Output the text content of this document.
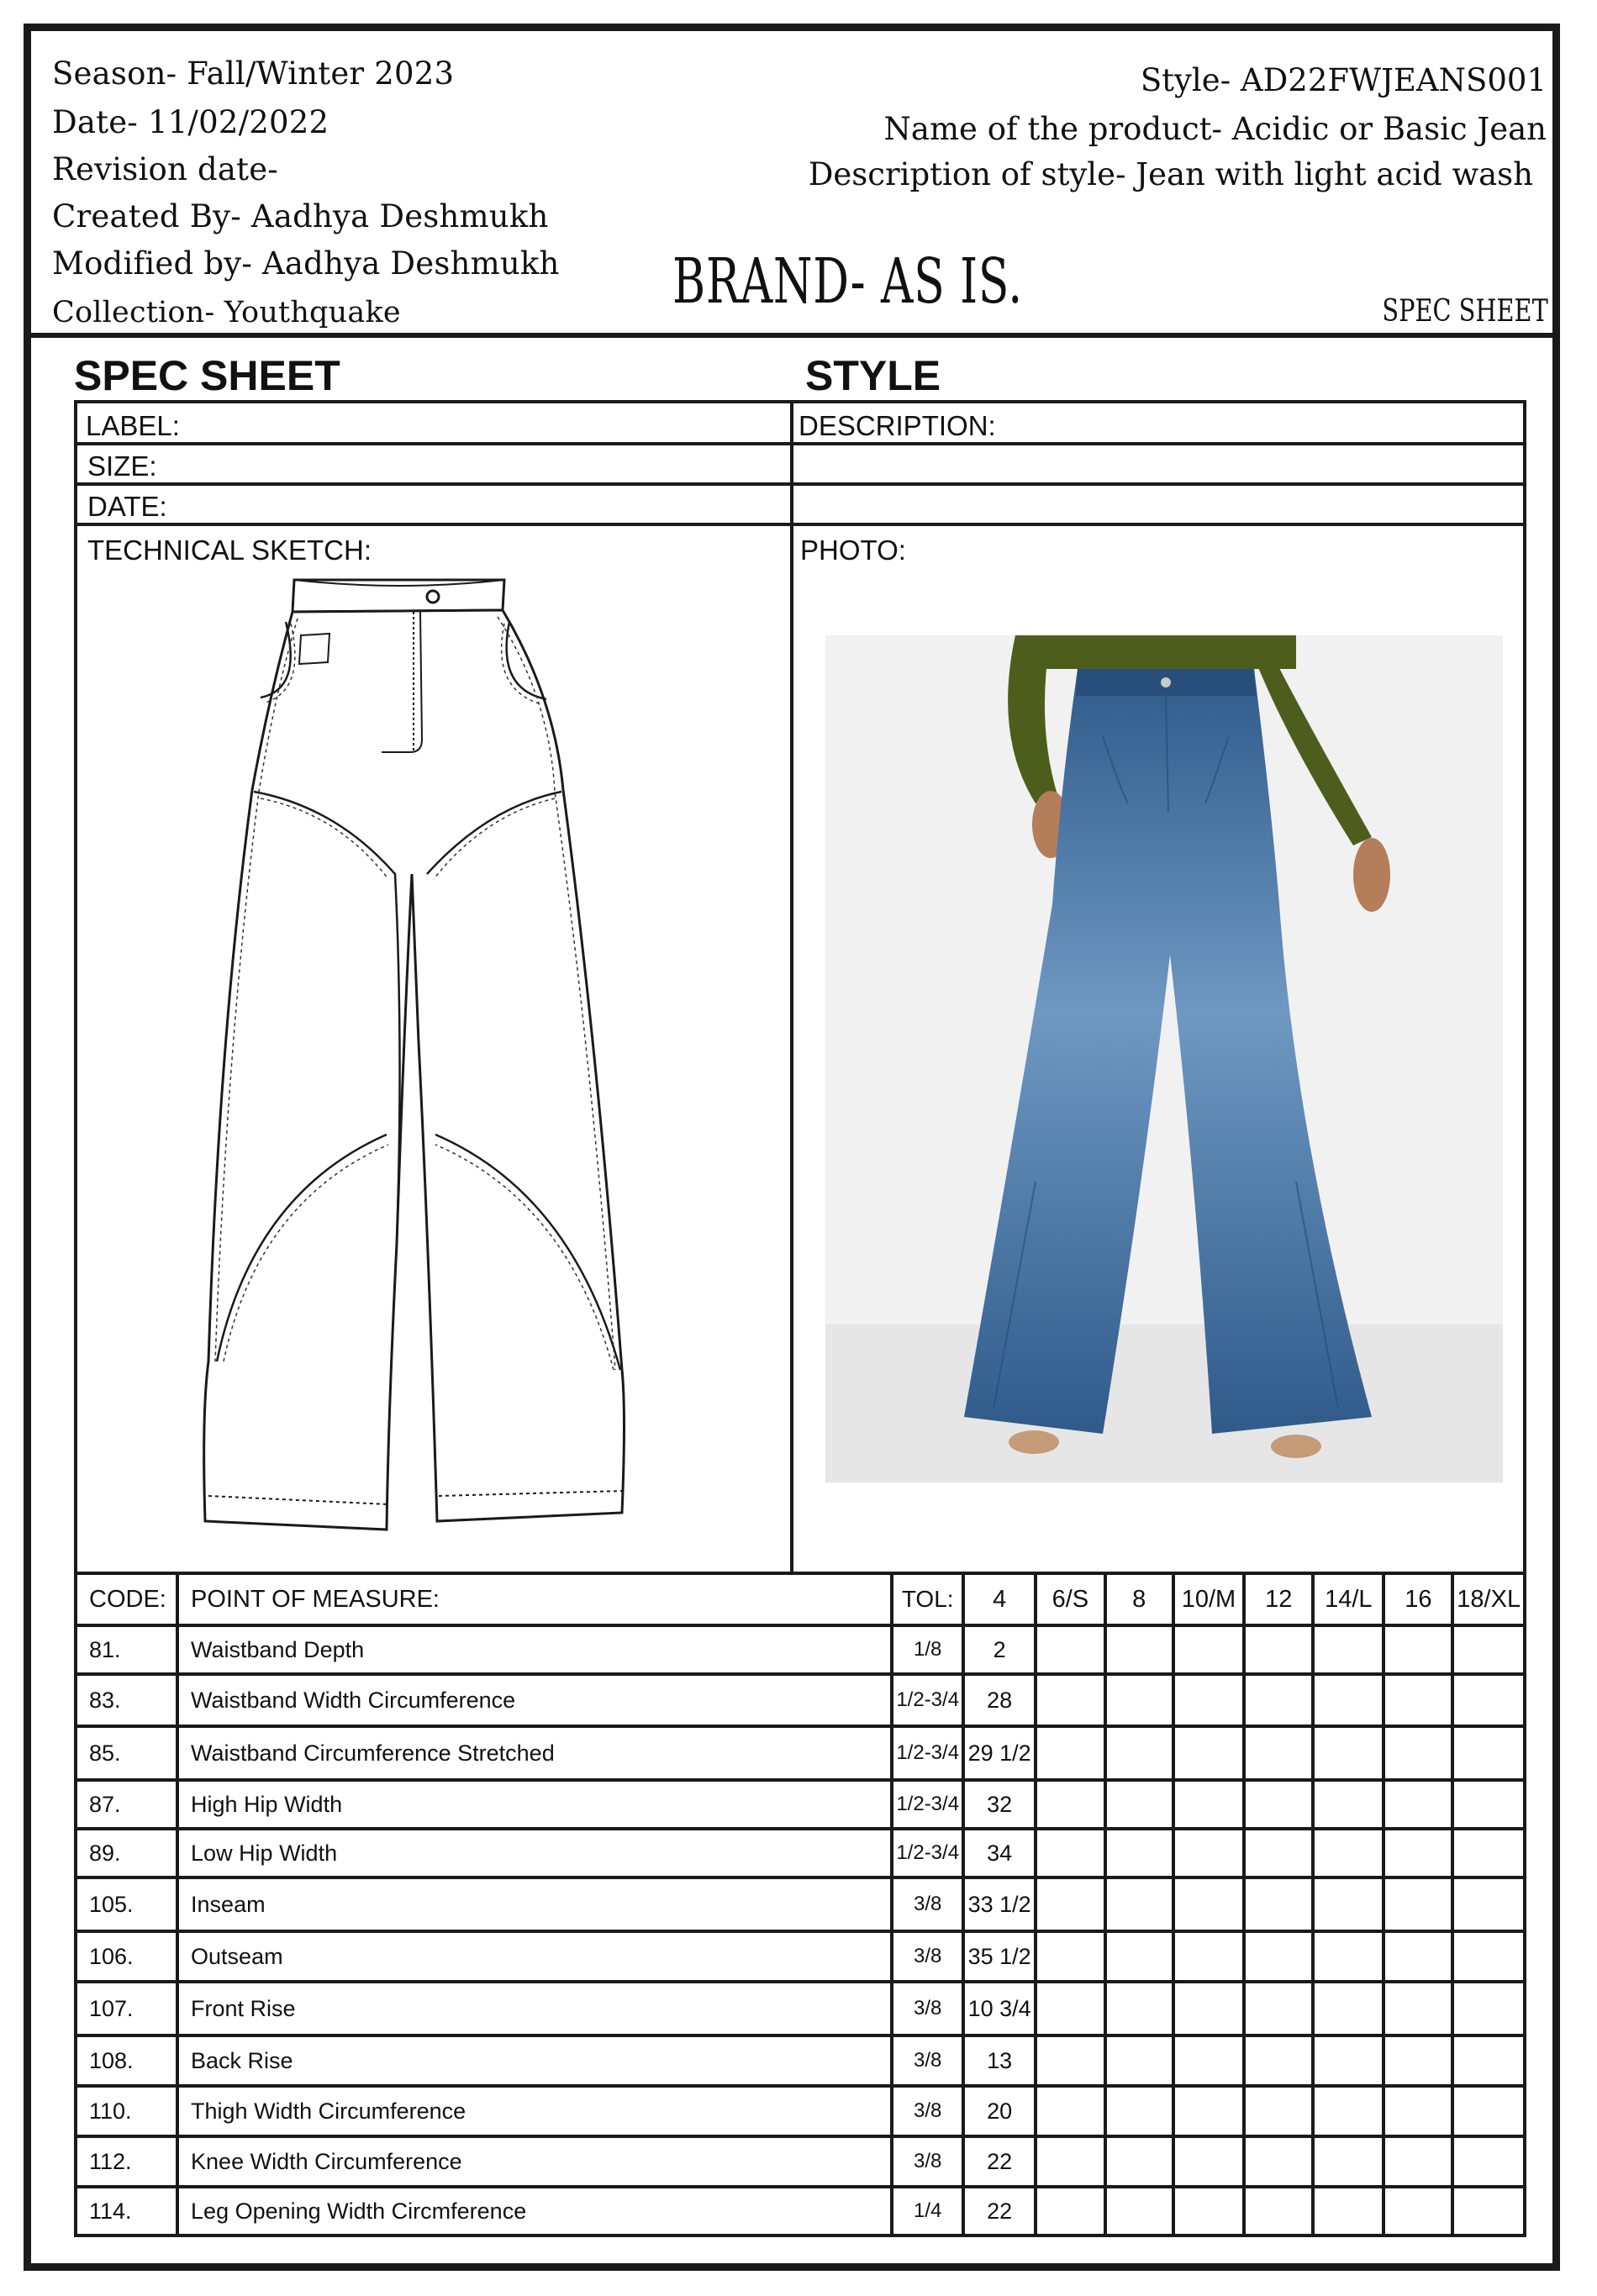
Season- Fall/Winter 2023
Date- 11/02/2022
Revision date-
Created By- Aadhya Deshmukh
Modified by- Aadhya Deshmukh
Collection- Youthquake
Style- AD22FWJEANS001
Name of the product- Acidic or Basic Jean
Description of style- Jean with light acid wash
BRAND- AS IS.	SPEC SHEET
SPEC SHEET	STYLE
LABEL:	DESCRIPTION:
SIZE:
DATE:
TECHNICAL SKETCH:	PHOTO:
CODE:	POINT OF MEASURE:	TOL:	4	6/S	8	10/M	12	14/L	16	18/XL
81.	Waistband Depth	1/8	2							
83.	Waistband Width Circumference	1/2-3/4	28							
85.	Waistband Circumference Stretched	1/2-3/4	29 1/2							
87.	High Hip Width	1/2-3/4	32							
89.	Low Hip Width	1/2-3/4	34							
105.	Inseam	3/8	33 1/2							
106.	Outseam	3/8	35 1/2							
107.	Front Rise	3/8	10 3/4							
108.	Back Rise	3/8	13							
110.	Thigh Width Circumference	3/8	20							
112.	Knee Width Circumference	3/8	22							
114.	Leg Opening Width Circmference	1/4	22							
